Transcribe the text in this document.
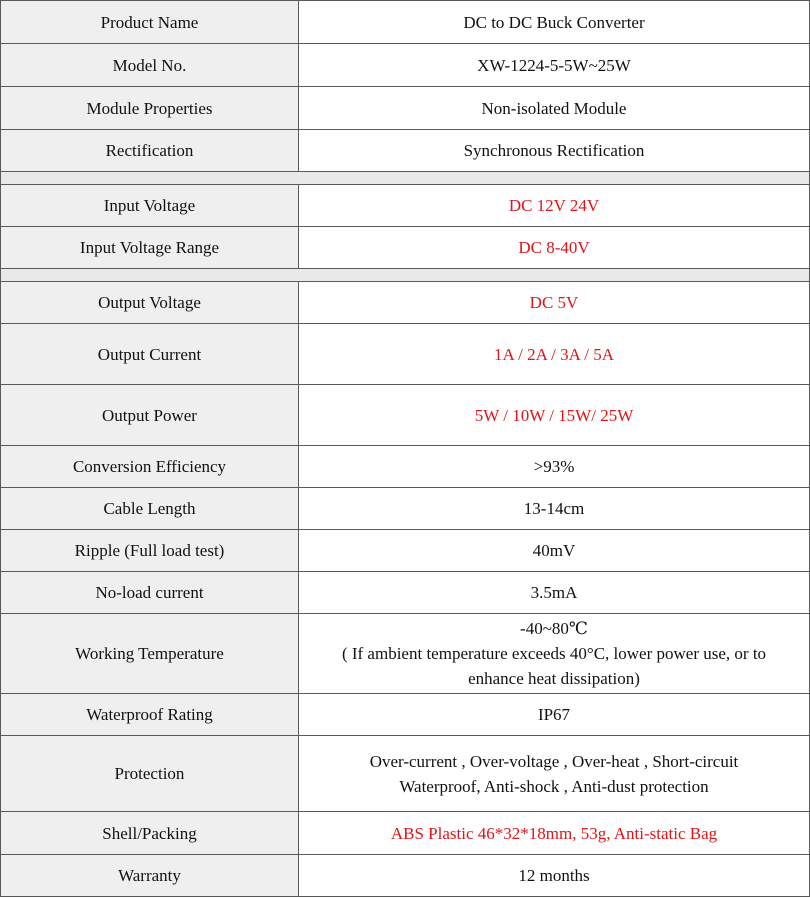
Product Name	DC to DC Buck Converter
Model No.	XW-1224-5-5W~25W
Module Properties	Non-isolated Module
Rectification	Synchronous Rectification

Input Voltage	DC 12V 24V
Input Voltage Range	DC 8-40V

Output Voltage	DC 5V
Output Current	1A / 2A / 3A / 5A
Output Power	5W / 10W / 15W/ 25W
Conversion Efficiency	>93%
Cable Length	13-14cm
Ripple (Full load test)	40mV
No-load current	3.5mA
Working Temperature	-40~80℃
( If ambient temperature exceeds 40°C, lower power use, or to
enhance heat dissipation)

Waterproof Rating	IP67
Protection	Over-current , Over-voltage , Over-heat , Short-circuit
Waterproof, Anti-shock , Anti-dust protection

Shell/Packing	ABS Plastic 46*32*18mm, 53g, Anti-static Bag
Warranty	12 months
